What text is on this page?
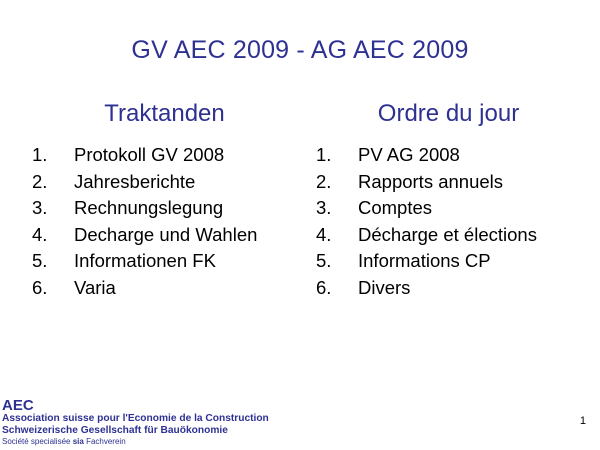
GV AEC 2009 - AG AEC 2009
Traktanden
1.	Protokoll GV 2008
2.	Jahresberichte
3.	Rechnungslegung
4.	Decharge und Wahlen
5.	Informationen FK
6.	Varia
Ordre du jour
1.	PV AG 2008
2.	Rapports annuels
3.	Comptes
4.	Décharge et élections
5.	Informations CP
6.	Divers
AEC
Association suisse pour l'Economie de la Construction
Schweizerische Gesellschaft für Bauökonomie
Société specialisée sia Fachverein
1
